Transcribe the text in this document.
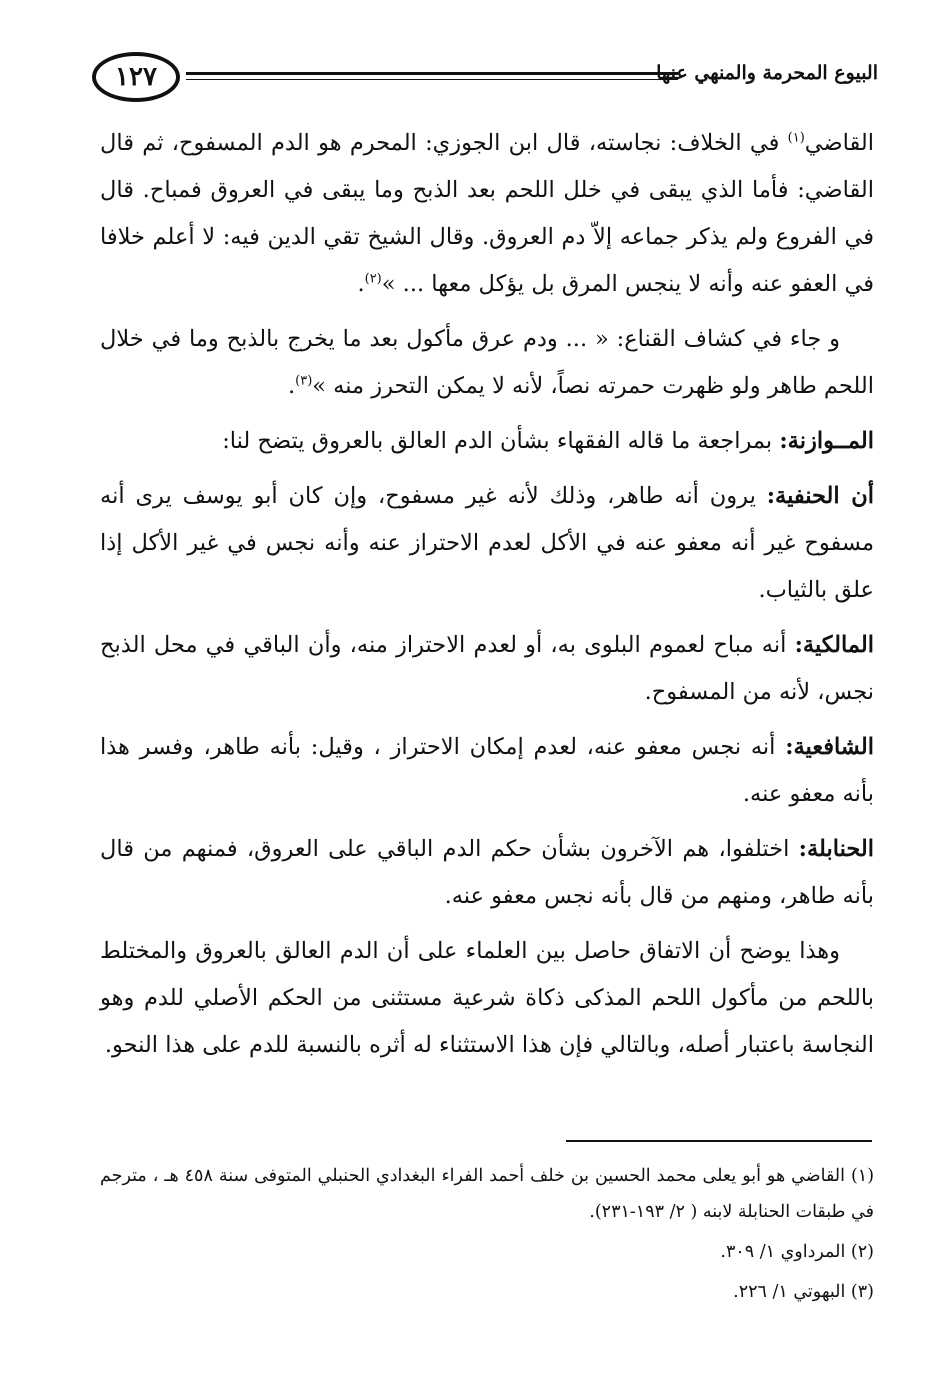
١٢٧	البيوع المحرمة والمنهي عنها

القاضي$^{(١)}$ في الخلاف: نجاسته، قال ابن الجوزي: المحرم هو الدم المسفوح، ثم قال القاضي: فأما الذي يبقى في خلل اللحم بعد الذبح وما يبقى في العروق فمباح. قال في الفروع ولم يذكر جماعه إلاّ دم العروق. وقال الشيخ تقي الدين فيه: لا أعلم خلافا في العفو عنه وأنه لا ينجس المرق بل يؤكل معها ... »$^{(٢)}$.

و جاء في كشاف القناع: « ... ودم عرق مأكول بعد ما يخرج بالذبح وما في خلال اللحم طاهر ولو ظهرت حمرته نصاً، لأنه لا يمكن التحرز منه »$^{(٣)}$.

المــوازنة: بمراجعة ما قاله الفقهاء بشأن الدم العالق بالعروق يتضح لنا:

أن الحنفية: يرون أنه طاهر، وذلك لأنه غير مسفوح، وإن كان أبو يوسف يرى أنه مسفوح غير أنه معفو عنه في الأكل لعدم الاحتراز عنه وأنه نجس في غير الأكل إذا علق بالثياب.

المالكية: أنه مباح لعموم البلوى به، أو لعدم الاحتراز منه، وأن الباقي في محل الذبح نجس، لأنه من المسفوح.

الشافعية: أنه نجس معفو عنه، لعدم إمكان الاحتراز ، وقيل: بأنه طاهر، وفسر هذا بأنه معفو عنه.

الحنابلة: اختلفوا، هم الآخرون بشأن حكم الدم الباقي على العروق، فمنهم من قال بأنه طاهر، ومنهم من قال بأنه نجس معفو عنه.

وهذا يوضح أن الاتفاق حاصل بين العلماء على أن الدم العالق بالعروق والمختلط باللحم من مأكول اللحم المذكى ذكاة شرعية مستثنى من الحكم الأصلي للدم وهو النجاسة باعتبار أصله، وبالتالي فإن هذا الاستثناء له أثره بالنسبة للدم على هذا النحو.

(١) القاضي هو أبو يعلى محمد الحسين بن خلف أحمد الفراء البغدادي الحنبلي المتوفى سنة ٤٥٨ هـ ، مترجم في طبقات الحنابلة لابنه ( ٢/ ١٩٣-٢٣١).

(٢) المرداوي ١/ ٣٠٩.

(٣) البهوتي ١/ ٢٢٦.
